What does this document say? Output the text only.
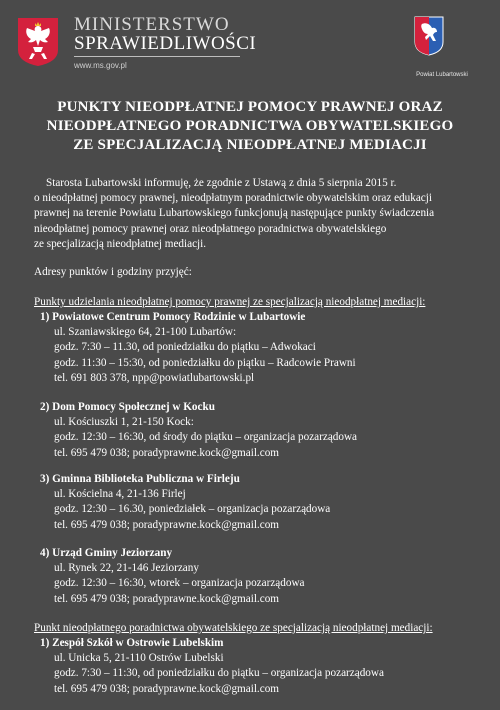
MINISTERSTWO
SPRAWIEDLIWOŚCI
www.ms.gov.pl
Powiat Lubartowski
PUNKTY NIEODPŁATNEJ POMOCY PRAWNEJ ORAZ
NIEODPŁATNEGO PORADNICTWA OBYWATELSKIEGO
ZE SPECJALIZACJĄ NIEODPŁATNEJ MEDIACJI
Starosta Lubartowski informuję, że zgodnie z Ustawą z dnia 5 sierpnia 2015 r.
o nieodpłatnej pomocy prawnej, nieodpłatnym poradnictwie obywatelskim oraz edukacji
prawnej na terenie Powiatu Lubartowskiego funkcjonują następujące punkty świadczenia
nieodpłatnej pomocy prawnej oraz nieodpłatnego poradnictwa obywatelskiego
ze specjalizacją nieodpłatnej mediacji.
Adresy punktów i godziny przyjęć:
Punkty udzielania nieodpłatnej pomocy prawnej ze specjalizacją nieodpłatnej mediacji:
1) Powiatowe Centrum Pomocy Rodzinie w Lubartowie
ul. Szaniawskiego 64, 21-100 Lubartów:
godz. 7:30 – 11.30, od poniedziałku do piątku – Adwokaci
godz. 11:30 – 15:30, od poniedziałku do piątku – Radcowie Prawni
tel. 691 803 378, npp@powiatlubartowski.pl
2) Dom Pomocy Społecznej w Kocku
ul. Kościuszki 1, 21-150 Kock:
godz. 12:30 – 16:30, od środy do piątku – organizacja pozarządowa
tel. 695 479 038; poradyprawne.kock@gmail.com
3) Gminna Biblioteka Publiczna w Firleju
ul. Kościelna 4, 21-136 Firlej
godz. 12:30 – 16.30, poniedziałek – organizacja pozarządowa
tel. 695 479 038; poradyprawne.kock@gmail.com
4) Urząd Gminy Jeziorzany
ul. Rynek 22, 21-146 Jeziorzany
godz. 12:30 – 16:30, wtorek – organizacja pozarządowa
tel. 695 479 038; poradyprawne.kock@gmail.com
Punkt nieodpłatnego poradnictwa obywatelskiego ze specjalizacją nieodpłatnej mediacji:
1) Zespół Szkół w Ostrowie Lubelskim
ul. Unicka 5, 21-110 Ostrów Lubelski
godz. 7:30 – 11:30, od poniedziałku do piątku – organizacja pozarządowa
tel. 695 479 038; poradyprawne.kock@gmail.com
